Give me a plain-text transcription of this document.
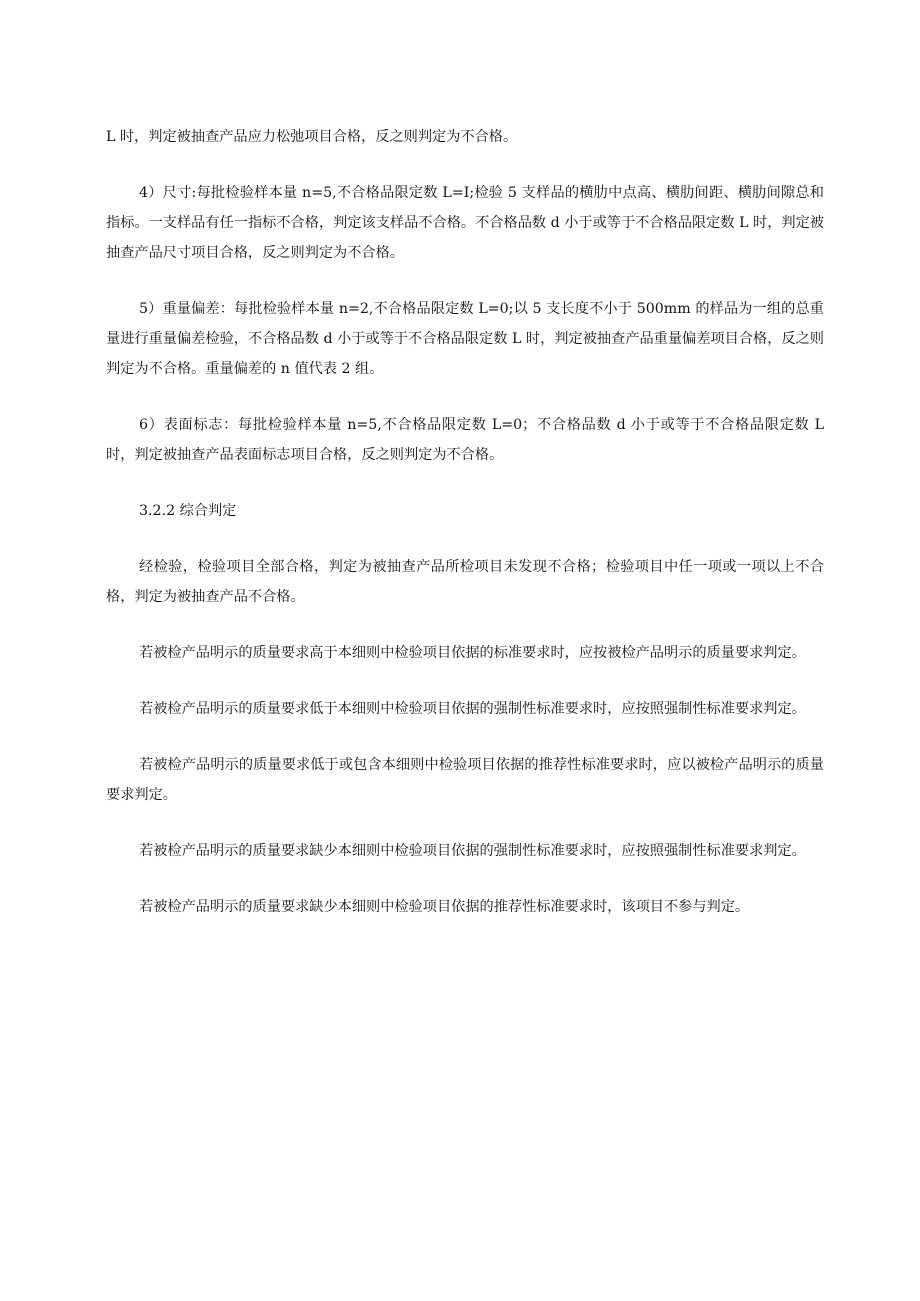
L 时，判定被抽查产品应力松弛项目合格，反之则判定为不合格。

4）尺寸:每批检验样本量 n=5,不合格品限定数 L=I;检验 5 支样品的横肋中点高、横肋间距、横肋间隙总和指标。一支样品有任一指标不合格，判定该支样品不合格。不合格品数 d 小于或等于不合格品限定数 L 时，判定被抽查产品尺寸项目合格，反之则判定为不合格。

5）重量偏差：每批检验样本量 n=2,不合格品限定数 L=0;以 5 支长度不小于 500mm 的样品为一组的总重量进行重量偏差检验，不合格品数 d 小于或等于不合格品限定数 L 时，判定被抽查产品重量偏差项目合格，反之则判定为不合格。重量偏差的 n 值代表 2 组。

6）表面标志：每批检验样本量 n=5,不合格品限定数 L=0；不合格品数 d 小于或等于不合格品限定数 L 时，判定被抽查产品表面标志项目合格，反之则判定为不合格。

3.2.2 综合判定

经检验，检验项目全部合格，判定为被抽查产品所检项目未发现不合格；检验项目中任一项或一项以上不合格，判定为被抽查产品不合格。

若被检产品明示的质量要求高于本细则中检验项目依据的标准要求时，应按被检产品明示的质量要求判定。

若被检产品明示的质量要求低于本细则中检验项目依据的强制性标准要求时，应按照强制性标准要求判定。

若被检产品明示的质量要求低于或包含本细则中检验项目依据的推荐性标准要求时，应以被检产品明示的质量要求判定。

若被检产品明示的质量要求缺少本细则中检验项目依据的强制性标准要求时，应按照强制性标准要求判定。

若被检产品明示的质量要求缺少本细则中检验项目依据的推荐性标准要求时，该项目不参与判定。
